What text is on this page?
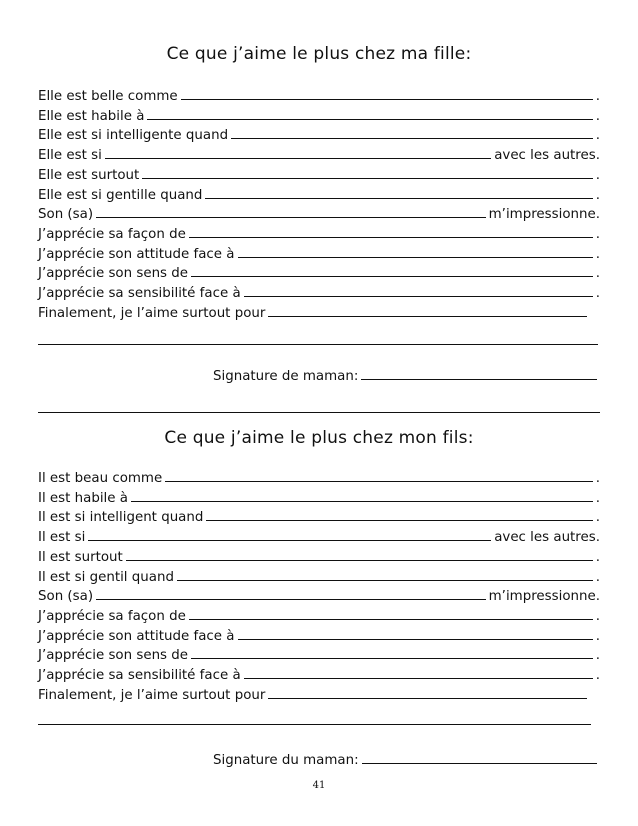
Ce que j’aime le plus chez ma fille:
Elle est belle comme	.
Elle est habile à	.
Elle est si intelligente quand	.
Elle est si	avec les autres.
Elle est surtout	.
Elle est si gentille quand	.
Son (sa)	m’impressionne.
J’apprécie sa façon de	.
J’apprécie son attitude face à	.
J’apprécie son sens de	.
J’apprécie sa sensibilité face à	.
Finalement, je l’aime surtout pour
Signature de maman:
Ce que j’aime le plus chez mon fils:
Il est beau comme	.
Il est habile à	.
Il est si intelligent quand	.
Il est si	avec les autres.
Il est surtout	.
Il est si gentil quand	.
Son (sa)	m’impressionne.
J’apprécie sa façon de	.
J’apprécie son attitude face à	.
J’apprécie son sens de	.
J’apprécie sa sensibilité face à	.
Finalement, je l’aime surtout pour
Signature du maman:
41
